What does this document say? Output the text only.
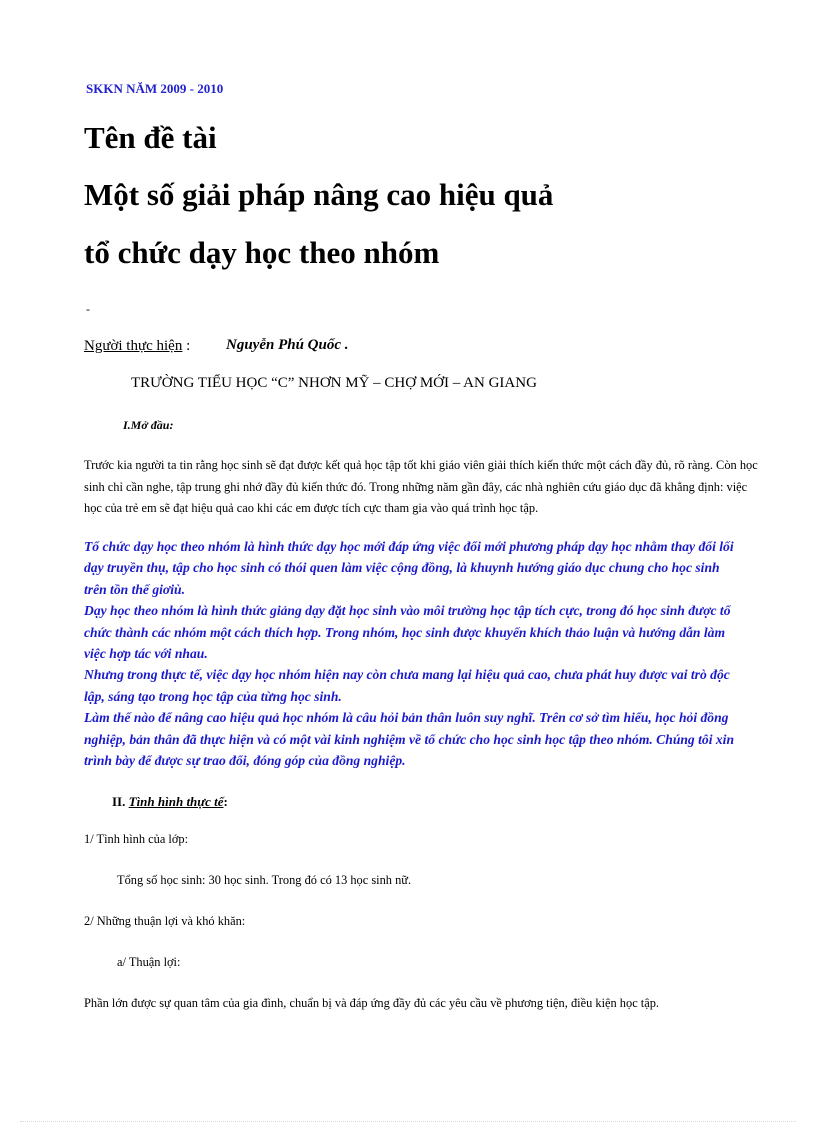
SKKN NĂM 2009 - 2010
Tên đề tài
Một số giải pháp nâng cao hiệu quả
tổ chức dạy học theo nhóm
-
Người thực hiện : Nguyễn Phú Quốc .
TRƯỜNG TIỂU HỌC “C” NHƠN MỸ – CHỢ MỚI – AN GIANG
I.Mở đầu:
Trước kia người ta tin rằng học sinh sẽ đạt được kết quả học tập tốt khi giáo viên giải thích kiến thức một cách đầy đủ, rõ ràng. Còn học sinh chỉ cần nghe, tập trung ghi nhớ đầy đủ kiến thức đó. Trong những năm gần đây, các nhà nghiên cứu giáo dục đã khẳng định: việc học của trẻ em sẽ đạt hiệu quả cao khi các em được tích cực tham gia vào quá trình học tập.

Tổ chức dạy học theo nhóm là hình thức dạy học mới đáp ứng việc đổi mới phương pháp dạy học nhằm thay đổi lối dạy truyền thụ, tập cho học sinh có thói quen làm việc cộng đồng, là khuynh hướng giáo dục chung cho học sinh trên tồn thế giơiù.

Dạy học theo nhóm là hình thức giảng dạy đặt học sinh vào môi trường học tập tích cực, trong đó học sinh được tổ chức thành các nhóm một cách thích hợp. Trong nhóm, học sinh được khuyến khích thảo luận và hướng dẫn làm việc hợp tác với nhau.

Nhưng trong thực tế, việc dạy học nhóm hiện nay còn chưa mang lại hiệu quả cao, chưa phát huy được vai trò độc lập, sáng tạo trong học tập của từng học sinh.

Làm thế nào để nâng cao hiệu quả học nhóm là câu hỏi bản thân luôn suy nghĩ. Trên cơ sở tìm hiểu, học hỏi đồng nghiệp, bản thân đã thực hiện và có một vài kinh nghiệm về tổ chức cho học sinh học tập theo nhóm. Chúng tôi xin trình bày để được sự trao đổi, đóng góp của đồng nghiệp.

II. Tình hình thực tế:
1/ Tình hình của lớp:
Tổng số học sinh: 30 học sinh. Trong đó có 13 học sinh nữ.
2/ Những thuận lợi và khó khăn:
a/ Thuận lợi:
Phần lớn được sự quan tâm của gia đình, chuẩn bị và đáp ứng đầy đủ các yêu cầu về phương tiện, điều kiện học tập.
